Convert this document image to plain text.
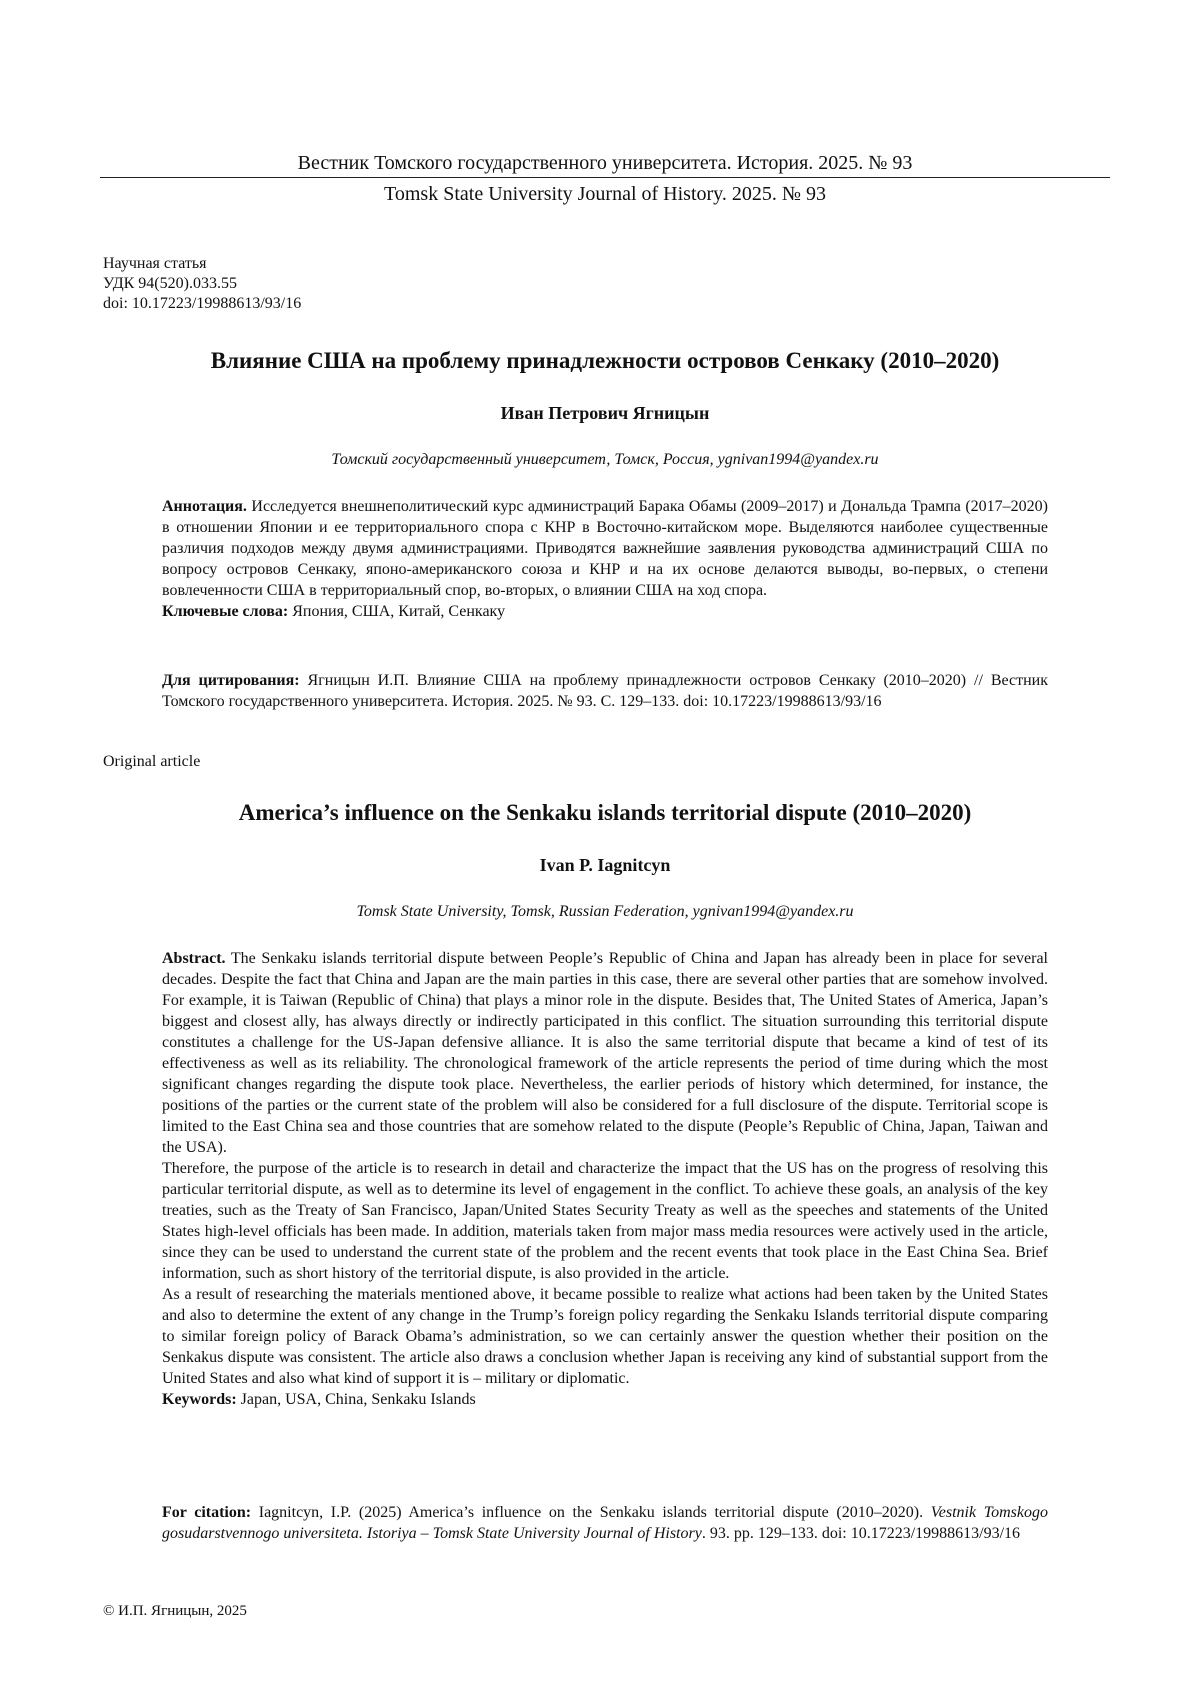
Вестник Томского государственного университета. История. 2025. № 93
Tomsk State University Journal of History. 2025. № 93
Научная статья
УДК 94(520).033.55
doi: 10.17223/19988613/93/16
Влияние США на проблему принадлежности островов Сенкаку (2010–2020)
Иван Петрович Ягницын
Томский государственный университет, Томск, Россия, ygnivan1994@yandex.ru

Аннотация. Исследуется внешнеполитический курс администраций Барака Обамы (2009–2017) и Дональда Трампа (2017–2020) в отношении Японии и ее территориального спора с КНР в Восточно-китайском море. Выделяются наиболее существенные различия подходов между двумя администрациями. Приводятся важнейшие заявления руководства администраций США по вопросу островов Сенкаку, японо-американского союза и КНР и на их основе делаются выводы, во-первых, о степени вовлеченности США в территориальный спор, во-вторых, о влиянии США на ход спора.

Ключевые слова: Япония, США, Китай, Сенкаку

Для цитирования: Ягницын И.П. Влияние США на проблему принадлежности островов Сенкаку (2010–2020) // Вестник Томского государственного университета. История. 2025. № 93. С. 129–133. doi: 10.17223/19988613/93/16

Original article
America’s influence on the Senkaku islands territorial dispute (2010–2020)
Ivan P. Iagnitcyn
Tomsk State University, Tomsk, Russian Federation, ygnivan1994@yandex.ru

Abstract. The Senkaku islands territorial dispute between People’s Republic of China and Japan has already been in place for several decades. Despite the fact that China and Japan are the main parties in this case, there are several other parties that are somehow involved. For example, it is Taiwan (Republic of China) that plays a minor role in the dispute. Besides that, The United States of America, Japan’s biggest and closest ally, has always directly or indirectly participated in this conflict. The situation surrounding this territorial dispute constitutes a challenge for the US-Japan defensive alliance. It is also the same territorial dispute that became a kind of test of its effectiveness as well as its reliability. The chronological framework of the article represents the period of time during which the most significant changes regarding the dispute took place. Nevertheless, the earlier periods of history which determined, for instance, the positions of the parties or the current state of the problem will also be considered for a full disclosure of the dispute. Territorial scope is limited to the East China sea and those countries that are somehow related to the dispute (People’s Republic of China, Japan, Taiwan and the USA).

Therefore, the purpose of the article is to research in detail and characterize the impact that the US has on the progress of resolving this particular territorial dispute, as well as to determine its level of engagement in the conflict. To achieve these goals, an analysis of the key treaties, such as the Treaty of San Francisco, Japan/United States Security Treaty as well as the speeches and statements of the United States high-level officials has been made. In addition, materials taken from major mass media resources were actively used in the article, since they can be used to understand the current state of the problem and the recent events that took place in the East China Sea. Brief information, such as short history of the territorial dispute, is also provided in the article.

As a result of researching the materials mentioned above, it became possible to realize what actions had been taken by the United States and also to determine the extent of any change in the Trump’s foreign policy regarding the Senkaku Islands territorial dispute comparing to similar foreign policy of Barack Obama’s administration, so we can certainly answer the question whether their position on the Senkakus dispute was consistent. The article also draws a conclusion whether Japan is receiving any kind of substantial support from the United States and also what kind of support it is – military or diplomatic.

Keywords: Japan, USA, China, Senkaku Islands

For citation: Iagnitcyn, I.P. (2025) America’s influence on the Senkaku islands territorial dispute (2010–2020). Vestnik Tomskogo gosudarstvennogo universiteta. Istoriya – Tomsk State University Journal of History. 93. pp. 129–133. doi: 10.17223/19988613/93/16

© И.П. Ягницын, 2025
